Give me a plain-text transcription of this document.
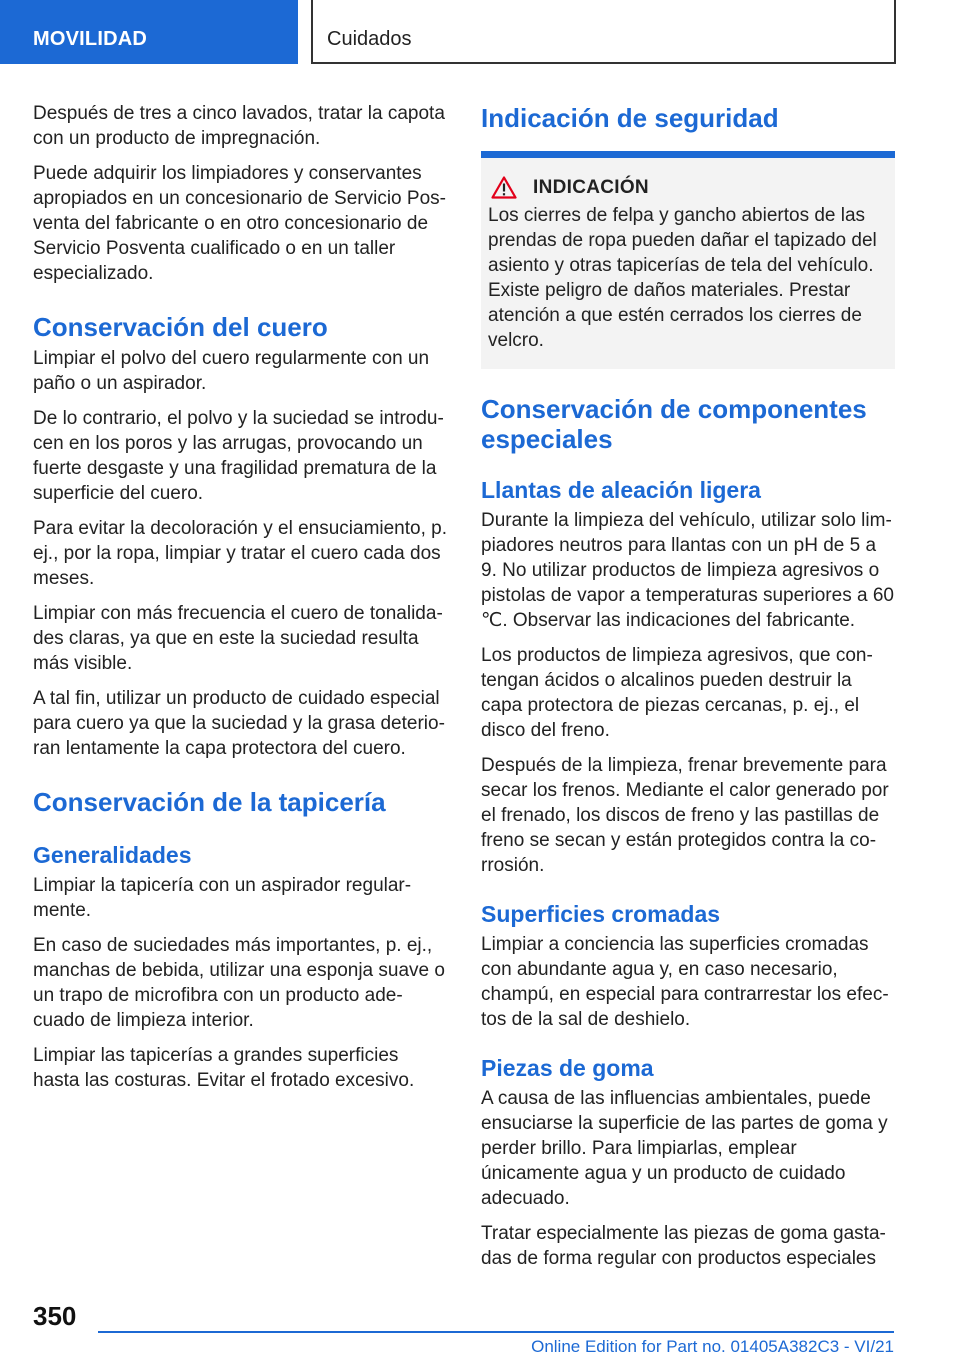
MOVILIDAD	Cuidados

Después de tres a cinco lavados, tratar la capota con un producto de impregnación.

Puede adquirir los limpiadores y conservantes apropiados en un concesionario de Servicio Posventa del fabricante o en otro concesionario de Servicio Posventa cualificado o en un taller especializado.

Conservación del cuero

Limpiar el polvo del cuero regularmente con un paño o un aspirador.

De lo contrario, el polvo y la suciedad se introducen en los poros y las arrugas, provocando un fuerte desgaste y una fragilidad prematura de la superficie del cuero.

Para evitar la decoloración y el ensuciamiento, p. ej., por la ropa, limpiar y tratar el cuero cada dos meses.

Limpiar con más frecuencia el cuero de tonalidades claras, ya que en este la suciedad resulta más visible.

A tal fin, utilizar un producto de cuidado especial para cuero ya que la suciedad y la grasa deterioran lentamente la capa protectora del cuero.

Conservación de la tapicería
Generalidades

Limpiar la tapicería con un aspirador regularmente.

En caso de suciedades más importantes, p. ej., manchas de bebida, utilizar una esponja suave o un trapo de microfibra con un producto adecuado de limpieza interior.

Limpiar las tapicerías a grandes superficies hasta las costuras. Evitar el frotado excesivo.

Indicación de seguridad
INDICACIÓN

Los cierres de felpa y gancho abiertos de las prendas de ropa pueden dañar el tapizado del asiento y otras tapicerías de tela del vehículo. Existe peligro de daños materiales. Prestar atención a que estén cerrados los cierres de velcro.

Conservación de componentes especiales
Llantas de aleación ligera

Durante la limpieza del vehículo, utilizar solo limpiadores neutros para llantas con un pH de 5 a 9. No utilizar productos de limpieza agresivos o pistolas de vapor a temperaturas superiores a 60 ℃. Observar las indicaciones del fabricante.

Los productos de limpieza agresivos, que contengan ácidos o alcalinos pueden destruir la capa protectora de piezas cercanas, p. ej., el disco del freno.

Después de la limpieza, frenar brevemente para secar los frenos. Mediante el calor generado por el frenado, los discos de freno y las pastillas de freno se secan y están protegidos contra la corrosión.

Superficies cromadas

Limpiar a conciencia las superficies cromadas con abundante agua y, en caso necesario, champú, en especial para contrarrestar los efectos de la sal de deshielo.

Piezas de goma

A causa de las influencias ambientales, puede ensuciarse la superficie de las partes de goma y perder brillo. Para limpiarlas, emplear únicamente agua y un producto de cuidado adecuado.

Tratar especialmente las piezas de goma gastadas de forma regular con productos especiales

350
Online Edition for Part no. 01405A382C3 - VI/21
